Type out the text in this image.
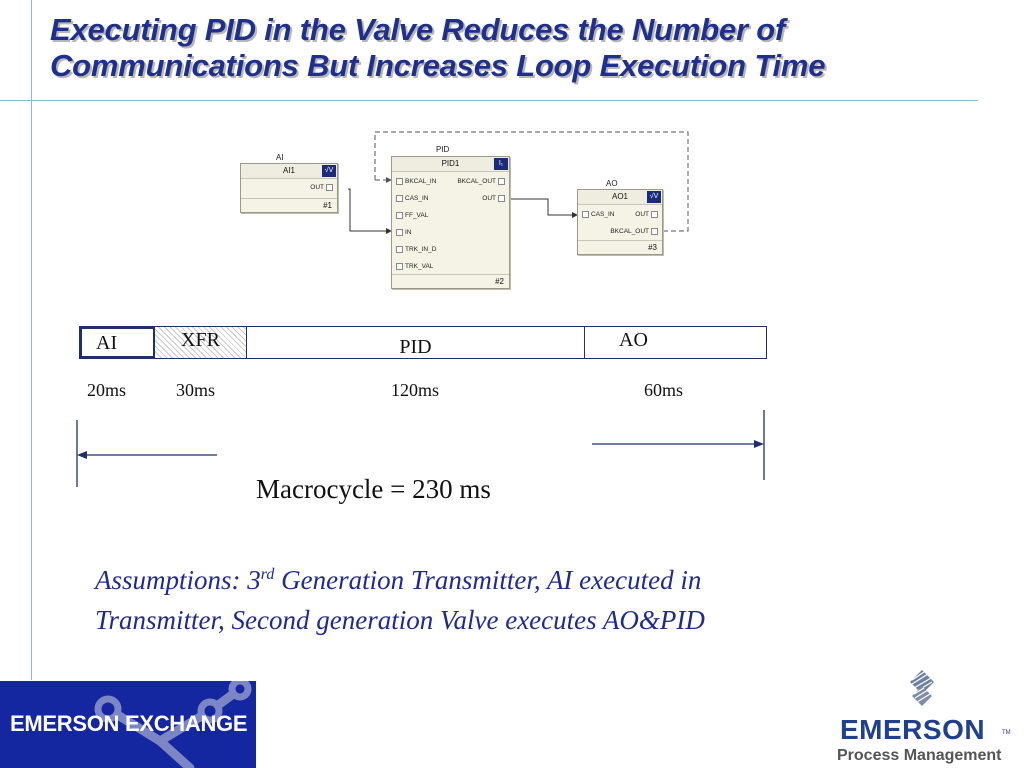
Executing PID in the Valve Reduces the Number of
Communications But Increases Loop Execution Time
AI
AI1	√V
OUT
#1
PID
PID1	Ι₁
BKCAL_IN
CAS_IN
FF_VAL
IN
TRK_IN_D
TRK_VAL
BKCAL_OUT
OUT
#2
AO
AO1	√V
CAS_IN	OUT
BKCAL_OUT
#3
AI	XFR	PID	AO
20ms	30ms	120ms	60ms
Macrocycle = 230 ms
Assumptions: 3rd Generation Transmitter, AI executed in
Transmitter, Second generation Valve executes AO&PID
EMERSON EXCHANGE	EMERSON	TM
Process Management
